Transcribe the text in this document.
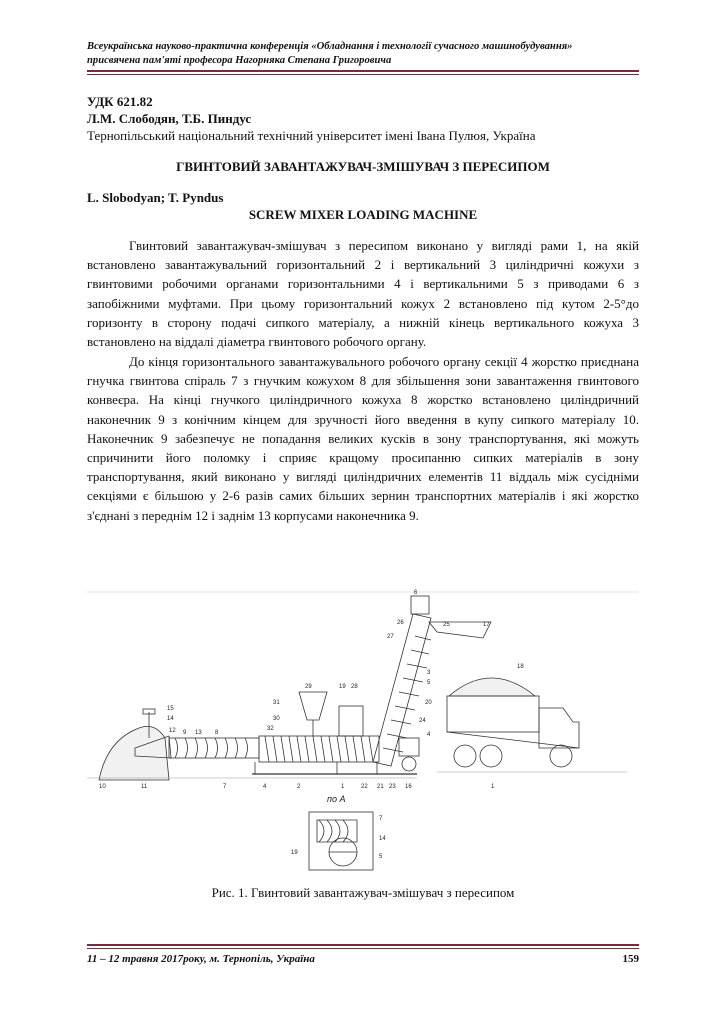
Всеукраїнська науково-практична конференція «Обладнання і технології сучасного машинобудування»
присвячена пам'яті професора Нагорняка Степана Григоровича
УДК 621.82
Л.М. Слободян, Т.Б. Пиндус
Тернопільський національний технічний університет імені Івана Пулюя, Україна
ГВИНТОВИЙ ЗАВАНТАЖУВАЧ-ЗМІШУВАЧ З ПЕРЕСИПОМ
L. Slobodyan; T. Pyndus
SCREW MIXER LOADING MACHINE

Гвинтовий завантажувач-змішувач з пересипом виконано у вигляді рами 1, на якій встановлено завантажувальний горизонтальний 2 і вертикальний 3 циліндричні кожухи з гвинтовими робочими органами горизонтальними 4 і вертикальними 5 з приводами 6 з запобіжними муфтами. При цьому горизонтальний кожух 2 встановлено під кутом 2-5°до горизонту в сторону подачі сипкого матеріалу, а нижній кінець вертикального кожуха 3 встановлено на віддалі діаметра гвинтового робочого органу.

До кінця горизонтального завантажувального робочого органу секції 4 жорстко приєднана гнучка гвинтова спіраль 7 з гнучким кожухом 8 для збільшення зони завантаження гвинтового конвеєра. На кінці гнучкого циліндричного кожуха 8 жорстко встановлено циліндричний наконечник 9 з конічним кінцем для зручності його введення в купу сипкого матеріалу 10. Наконечник 9 забезпечує не попадання великих кусків в зону транспортування, які можуть спричинити його поломку і сприяє кращому просипанню сипких матеріалів в зону транспортування, який виконано у вигляді циліндричних елементів 11 віддаль між сусідніми секціями є більшою у 2-6 разів самих більших зернин транспортних матеріалів і які жорстко з'єднані з переднім 12 і заднім 13 корпусами наконечника 9.

по А
6
26	25	17
27
18
3
5
15
14
31
29	19 28
12 9 13 8
30
20
32
24
4
7
10	11	4	2	1	22 21 23 16	1
7
14
19
5
Рис. 1. Гвинтовий завантажувач-змішувач з пересипом
11 – 12 травня 2017року, м. Тернопіль, Україна	159
